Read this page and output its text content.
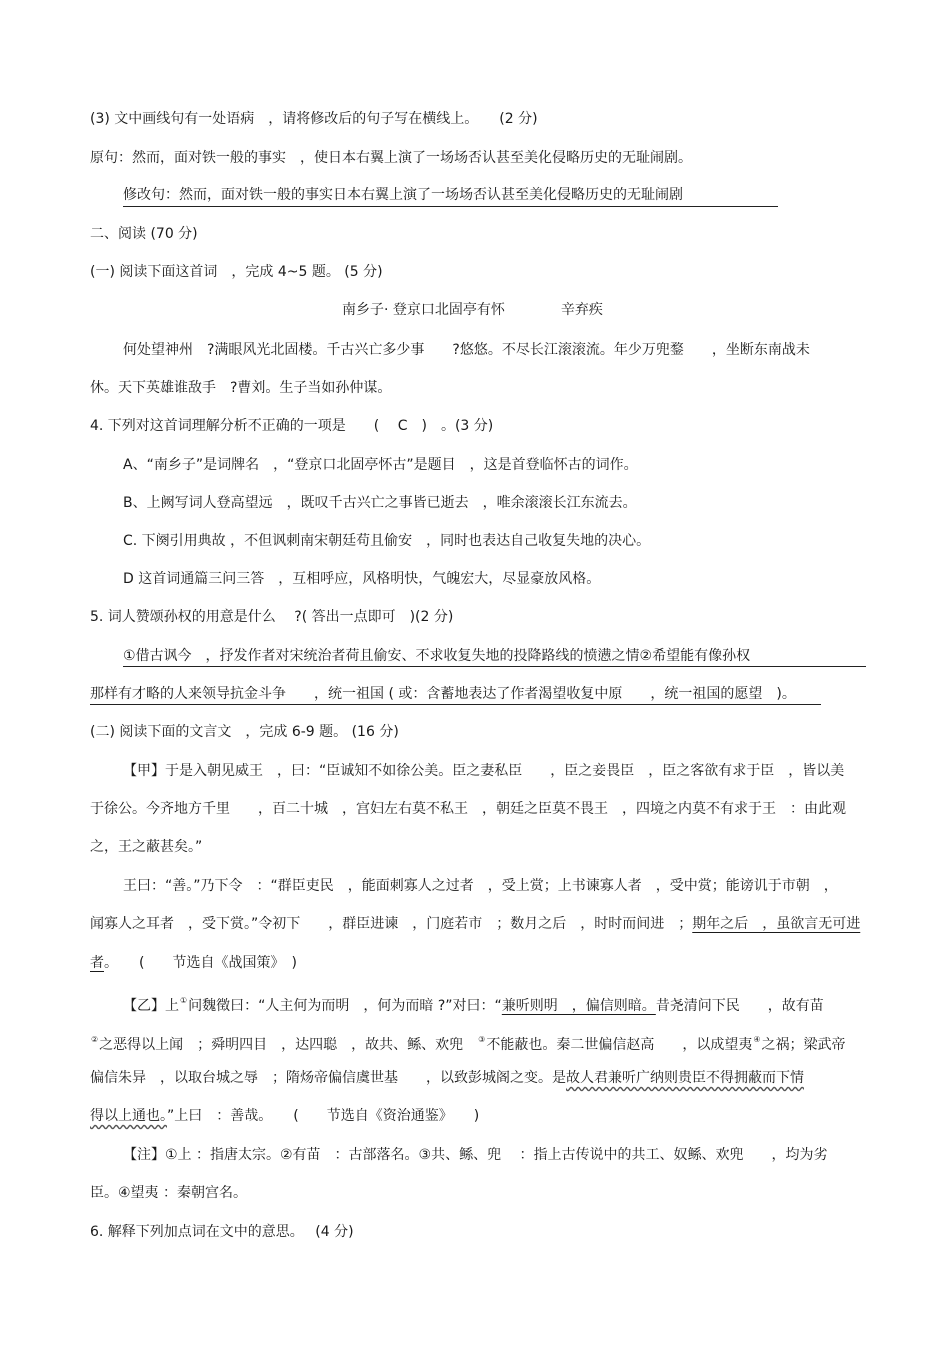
(3) 文中画线句有一处语病　，请将修改后的句子写在横线上。　　(2 分)
原句：然而，面对铁一般的事实　，使日本右翼上演了一场场否认甚至美化侵略历史的无耻闹剧。
修改句：然而，面对铁一般的事实日本右翼上演了一场场否认甚至美化侵略历史的无耻闹剧
二、阅读 (70 分)
(一) 阅读下面这首词　，完成 4~5 题。 (5 分)
南乡子· 登京口北固亭有怀　　　　辛弃疾
何处望神州　?满眼风光北固楼。千古兴亡多少事　　?悠悠。不尽长江滚滚流。年少万兜鍪　　，坐断东南战未
休。天下英雄谁敌手　?曹刘。生子当如孙仲谋。
4. 下列对这首词理解分析不正确的一项是　　(　 C　)　。(3 分)
A、“南乡子”是词牌名　，“登京口北固亭怀古”是题目　，这是首登临怀古的词作。
B、上阙写词人登高望远　，既叹千古兴亡之事皆已逝去　，唯余滚滚长江东流去。
C. 下阕引用典故 ，不但讽刺南宋朝廷苟且偷安　，同时也表达自己收复失地的决心。
D 这首词通篇三问三答　，互相呼应，风格明快，气魄宏大，尽显豪放风格。
5. 词人赞颂孙权的用意是什么　 ?( 答出一点即可　)(2 分)
①借古讽今　，抒发作者对宋统治者荷且偷安、不求收复失地的投降路线的愤懑之情②希望能有像孙权
那样有才略的人来领导抗金斗争　　，统一祖国 ( 或：含蓄地表达了作者渴望收复中原　　，统一祖国的愿望　)。
(二) 阅读下面的文言文　，完成 6-9 题。 (16 分)
【甲】于是入朝见威王　，曰：“臣诚知不如徐公美。臣之妻私臣　　，臣之妾畏臣　，臣之客欲有求于臣　，皆以美
于徐公。今齐地方千里　　，百二十城　，宫妇左右莫不私王　，朝廷之臣莫不畏王　，四境之内莫不有求于王　：由此观
之，王之蔽甚矣。”
王曰：“善。”乃下令　：“群臣吏民　，能面刺寡人之过者　，受上赏；上书谏寡人者　，受中赏；能谤讥于市朝　，
闻寡人之耳者　，受下赏。”令初下　　，群臣进谏　，门庭若市　；数月之后　，时时而间进　；期年之后　，虽欲言无可进
者。　　(　　节选自《战国策》　)
【乙】上①问魏徵曰：“人主何为而明　，何为而暗 ?”对曰：“兼听则明　，偏信则暗。昔尧清问下民　　，故有苗
②之恶得以上闻　；舜明四目　，达四聪　，故共、鲧、欢兜　③不能蔽也。秦二世偏信赵高　　，以成望夷④之祸；梁武帝
偏信朱异　，以取台城之辱　；隋炀帝偏信虞世基　　，以致彭城阁之变。是故人君兼听广纳则贵臣不得拥蔽而下情
得以上通也。”上曰　：善哉。　　(　　节选自《资治通鉴》　　)
【注】①上 ：指唐太宗。②有苗　：古部落名。③共、鲧、兜　 ：指上古传说中的共工、奴鲧、欢兜　　，均为劣
臣。④望夷 ：秦朝宫名。
6. 解释下列加点词在文中的意思。　 (4 分)
